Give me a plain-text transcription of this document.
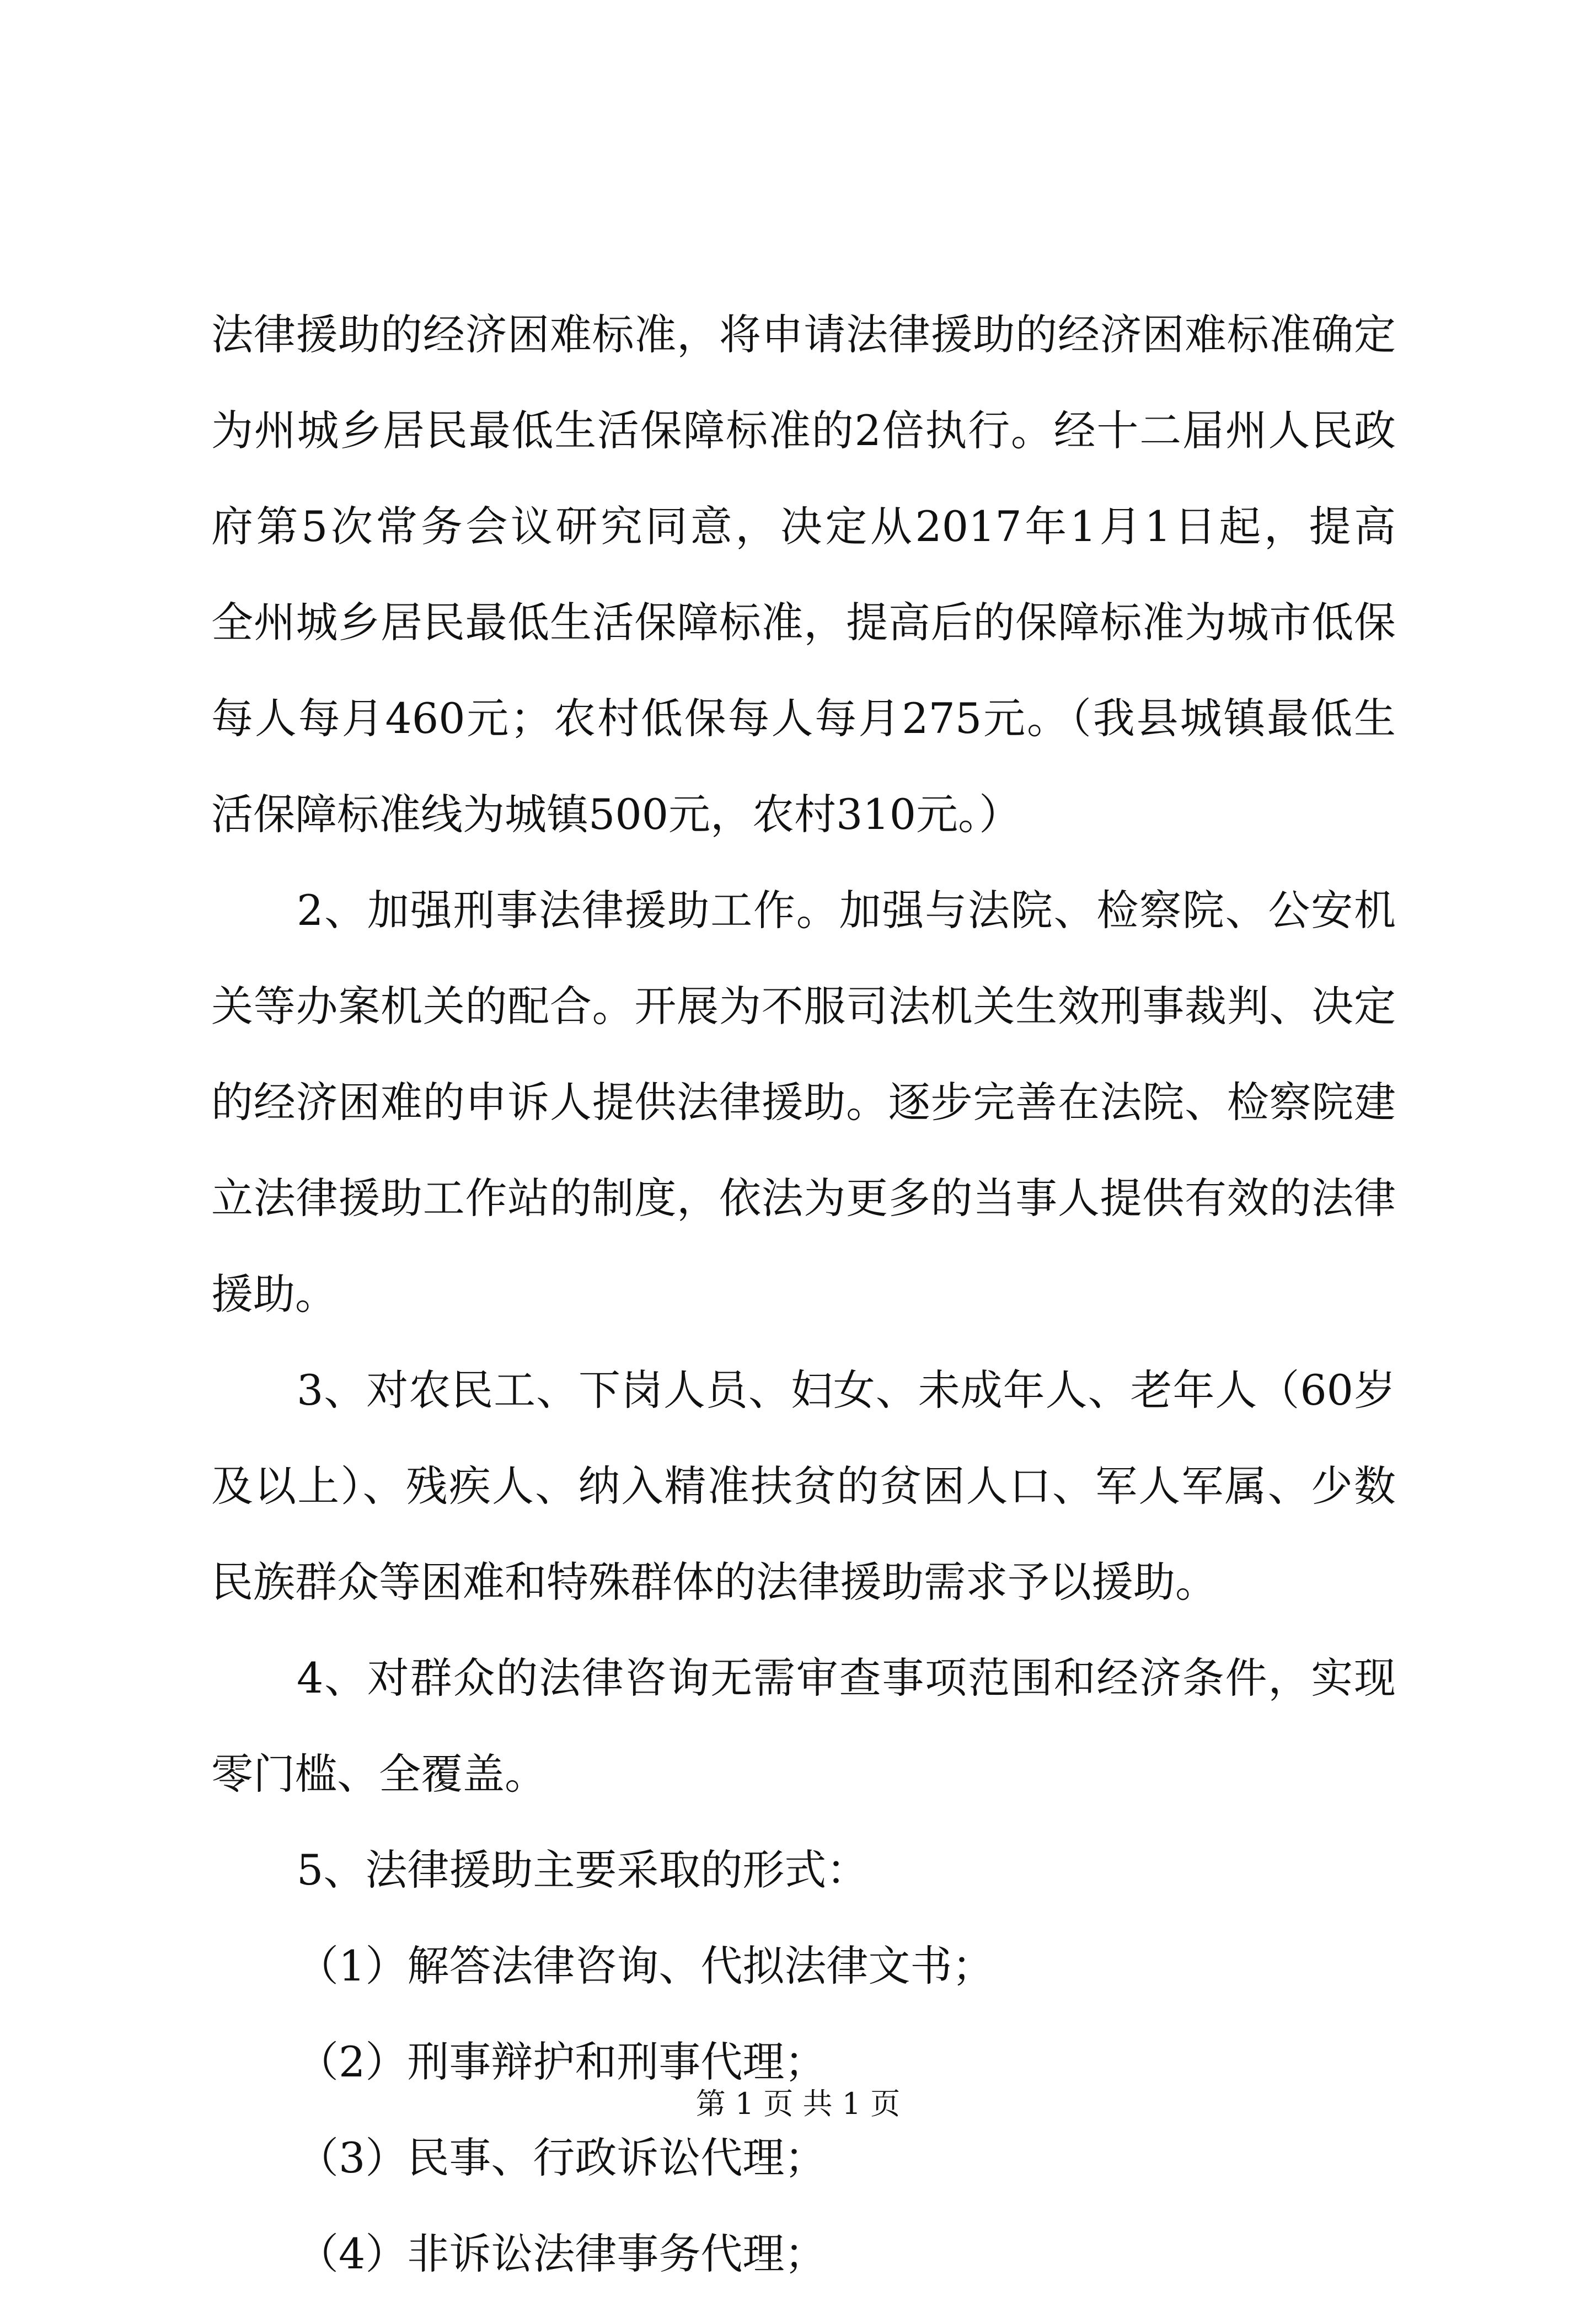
法律援助的经济困难标准，将申请法律援助的经济困难标准确定
为州城乡居民最低生活保障标准的2倍执行。经十二届州人民政
府第5次常务会议研究同意，决定从2017年1月1日起，提高
全州城乡居民最低生活保障标准，提高后的保障标准为城市低保
每人每月460元；农村低保每人每月275元。（我县城镇最低生
活保障标准线为城镇500元，农村310元。）
2、加强刑事法律援助工作。加强与法院、检察院、公安机
关等办案机关的配合。开展为不服司法机关生效刑事裁判、决定
的经济困难的申诉人提供法律援助。逐步完善在法院、检察院建
立法律援助工作站的制度，依法为更多的当事人提供有效的法律
援助。
3、对农民工、下岗人员、妇女、未成年人、老年人（60岁
及以上）、残疾人、纳入精准扶贫的贫困人口、军人军属、少数
民族群众等困难和特殊群体的法律援助需求予以援助。
4、对群众的法律咨询无需审查事项范围和经济条件，实现
零门槛、全覆盖。
5、法律援助主要采取的形式：
（1）解答法律咨询、代拟法律文书；
（2）刑事辩护和刑事代理；
（3）民事、行政诉讼代理；
（4）非诉讼法律事务代理；
第 1 页 共 1 页
